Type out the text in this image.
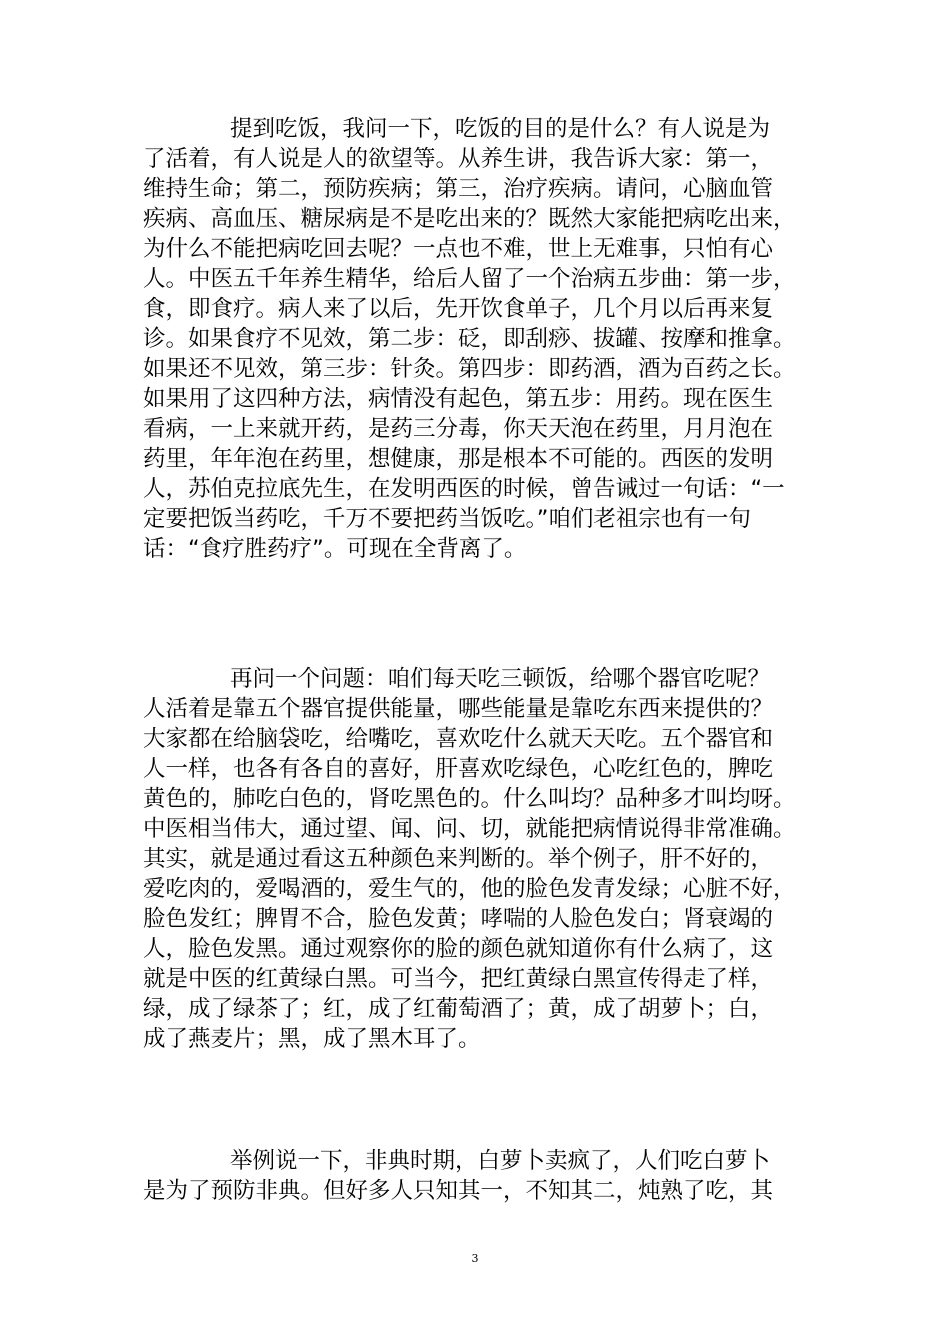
提到吃饭，我问一下，吃饭的目的是什么？有人说是为
了活着，有人说是人的欲望等。从养生讲，我告诉大家：第一，
维持生命；第二，预防疾病；第三，治疗疾病。请问，心脑血管
疾病、高血压、糖尿病是不是吃出来的？既然大家能把病吃出来，
为什么不能把病吃回去呢？一点也不难，世上无难事，只怕有心
人。中医五千年养生精华，给后人留了一个治病五步曲：第一步，
食，即食疗。病人来了以后，先开饮食单子，几个月以后再来复
诊。如果食疗不见效，第二步：砭，即刮痧、拔罐、按摩和推拿。
如果还不见效，第三步：针灸。第四步：即药酒，酒为百药之长。
如果用了这四种方法，病情没有起色，第五步：用药。现在医生
看病，一上来就开药，是药三分毒，你天天泡在药里，月月泡在
药里，年年泡在药里，想健康，那是根本不可能的。西医的发明
人，苏伯克拉底先生，在发明西医的时候，曾告诫过一句话：“一
定要把饭当药吃，千万不要把药当饭吃。”咱们老祖宗也有一句
话：“食疗胜药疗”。可现在全背离了。
再问一个问题：咱们每天吃三顿饭，给哪个器官吃呢？
人活着是靠五个器官提供能量，哪些能量是靠吃东西来提供的？
大家都在给脑袋吃，给嘴吃，喜欢吃什么就天天吃。五个器官和
人一样，也各有各自的喜好，肝喜欢吃绿色，心吃红色的，脾吃
黄色的，肺吃白色的，肾吃黑色的。什么叫均？品种多才叫均呀。
中医相当伟大，通过望、闻、问、切，就能把病情说得非常准确。
其实，就是通过看这五种颜色来判断的。举个例子，肝不好的，
爱吃肉的，爱喝酒的，爱生气的，他的脸色发青发绿；心脏不好，
脸色发红；脾胃不合，脸色发黄；哮喘的人脸色发白；肾衰竭的
人，脸色发黑。通过观察你的脸的颜色就知道你有什么病了，这
就是中医的红黄绿白黑。可当今，把红黄绿白黑宣传得走了样，
绿，成了绿茶了；红，成了红葡萄酒了；黄，成了胡萝卜；白，
成了燕麦片；黑，成了黑木耳了。
举例说一下，非典时期，白萝卜卖疯了，人们吃白萝卜
是为了预防非典。但好多人只知其一，不知其二，炖熟了吃，其
3
